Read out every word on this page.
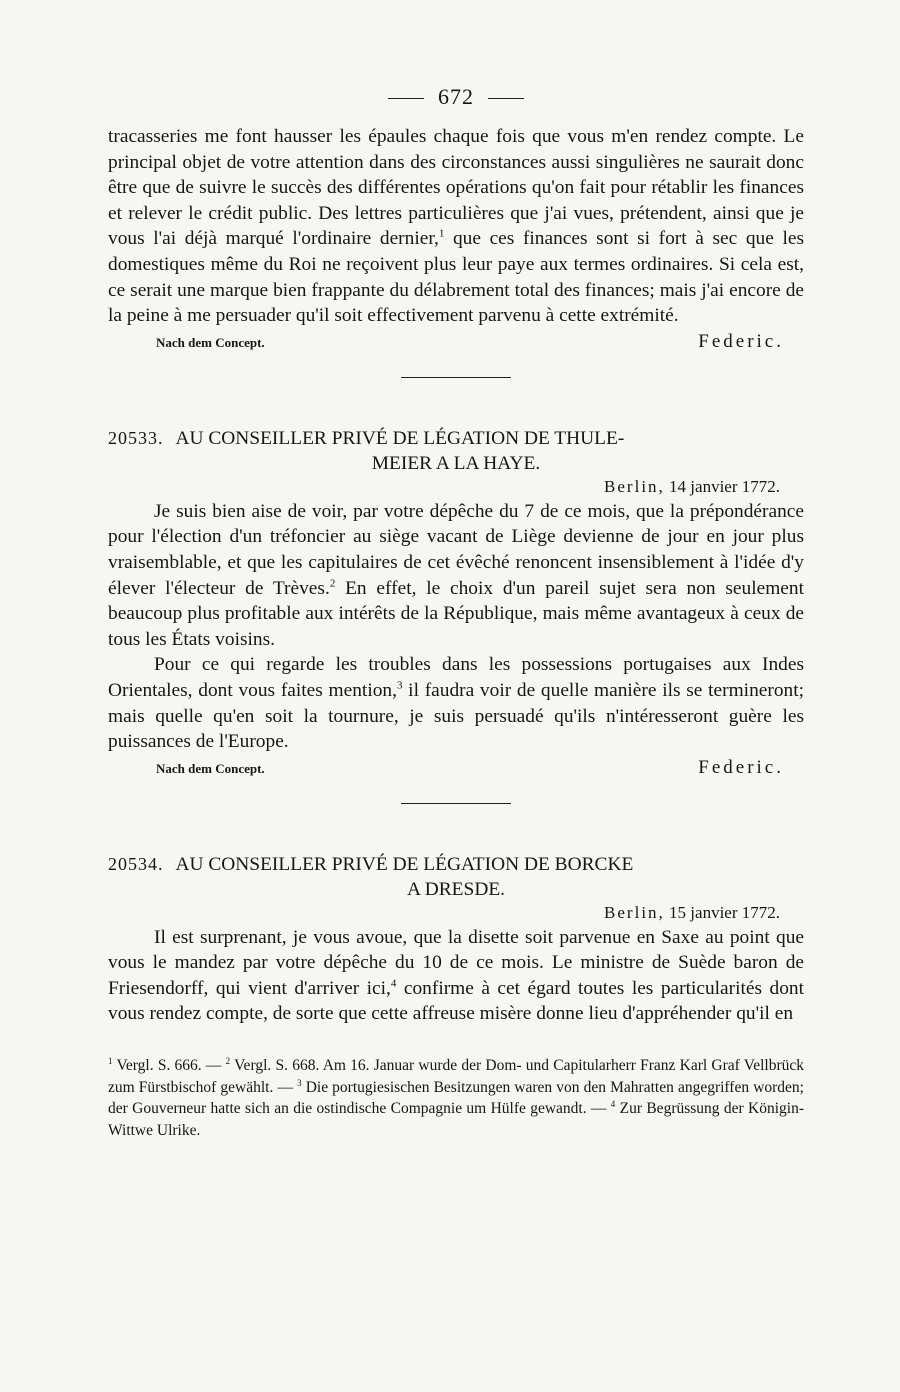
672

tracasseries me font hausser les épaules chaque fois que vous m'en rendez compte. Le principal objet de votre attention dans des circonstances aussi singulières ne saurait donc être que de suivre le succès des différentes opérations qu'on fait pour rétablir les finances et relever le crédit public. Des lettres particulières que j'ai vues, prétendent, ainsi que je vous l'ai déjà marqué l'ordinaire dernier,$^1$ que ces finances sont si fort à sec que les domestiques même du Roi ne reçoivent plus leur paye aux termes ordinaires. Si cela est, ce serait une marque bien frappante du délabrement total des finances; mais j'ai encore de la peine à me persuader qu'il soit effectivement parvenu à cette extrémité.

Nach dem Concept.	Federic.
20533. AU CONSEILLER PRIVÉ DE LÉGATION DE THULE-
MEIER A LA HAYE.
Berlin, 14 janvier 1772.

Je suis bien aise de voir, par votre dépêche du 7 de ce mois, que la prépondérance pour l'élection d'un tréfoncier au siège vacant de Liège devienne de jour en jour plus vraisemblable, et que les capitulaires de cet évêché renoncent insensiblement à l'idée d'y élever l'électeur de Trèves.$^2$ En effet, le choix d'un pareil sujet sera non seulement beaucoup plus profitable aux intérêts de la République, mais même avantageux à ceux de tous les États voisins.

Pour ce qui regarde les troubles dans les possessions portugaises aux Indes Orientales, dont vous faites mention,$^3$ il faudra voir de quelle manière ils se termineront; mais quelle qu'en soit la tournure, je suis persuadé qu'ils n'intéresseront guère les puissances de l'Europe.

Nach dem Concept.	Federic.
20534. AU CONSEILLER PRIVÉ DE LÉGATION DE BORCKE
A DRESDE.
Berlin, 15 janvier 1772.

Il est surprenant, je vous avoue, que la disette soit parvenue en Saxe au point que vous le mandez par votre dépêche du 10 de ce mois. Le ministre de Suède baron de Friesendorff, qui vient d'arriver ici,$^4$ confirme à cet égard toutes les particularités dont vous rendez compte, de sorte que cette affreuse misère donne lieu d'appréhender qu'il en

$^1$ Vergl. S. 666. — $^2$ Vergl. S. 668. Am 16. Januar wurde der Dom- und Capitularherr Franz Karl Graf Vellbrück zum Fürstbischof gewählt. — $^3$ Die portugiesischen Besitzungen waren von den Mahratten angegriffen worden; der Gouverneur hatte sich an die ostindische Compagnie um Hülfe gewandt. — $^4$ Zur Begrüssung der Königin-Wittwe Ulrike.
